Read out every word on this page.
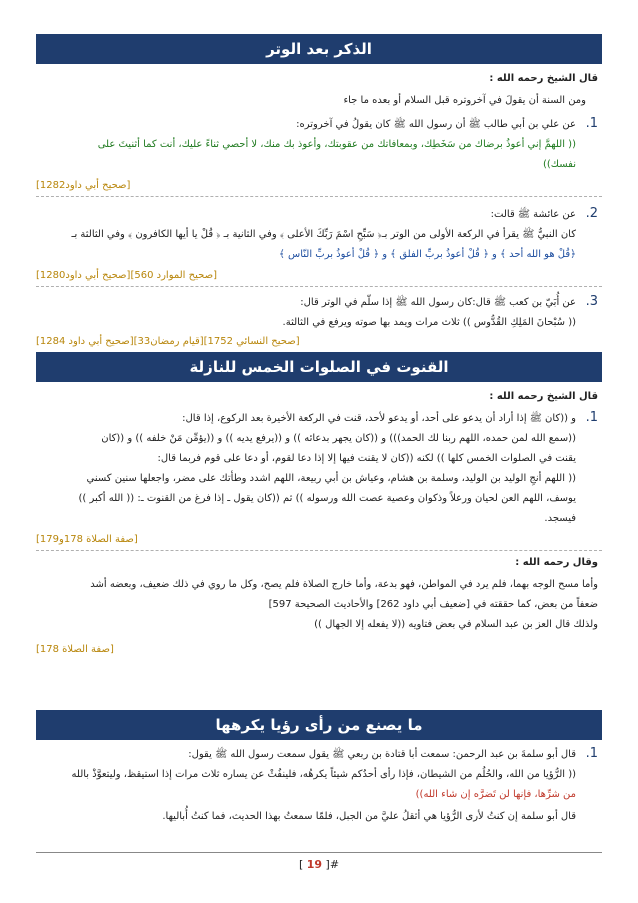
الذكر بعد الوتر
قال الشيخ رحمه الله :
ومن السنة أن يقولَ في آخروتره قبل السلام أو بعده ما جاء
1.
عن علي بن أبي طالب ﷺ أن رسول الله ﷺ كان يقولُ في آخروتره:
(( اللهمَّ إني أعوذُ برضاك من سَخَطِك، وبمعافاتك من عقوبتك، وأعوذ بك منك، لا أحصي ثناءً عليك، أنت كما أثنيتَ على
نفسك))
[صحيح أبي داود1282]
2.
عن عائشة ﷺ قالت:
كان النبيُّ ﷺ يقرأ في الركعة الأولى من الوتر بـ﴿ سَبِّحِ اسْمَ رَبِّكَ الأعلى ﴾ وفي الثانية بـ ﴿ قُلْ يا أيها الكافرون ﴾ وفي الثالثة بـ
﴿قُلْ هو الله أحد ﴾ و ﴿ قُلْ أعوذُ بربِّ الفلق ﴾ و ﴿ قُلْ أعوذُ بربِّ النّاس ﴾
[صحيح الموارد 560][صحيح أبي داود1280]
3.
عن أُبَيّ بن كعب ﷺ قال:كان رسول الله ﷺ إذا سلّم في الوتر قال:
(( سُبْحانَ المَلِكِ القُدُّوس )) ثلاث مرات ويمد بها صوته ويرفع في الثالثة.
[صحيح النسائي 1752][قيام رمضان33][صحيح أبي داود 1284]
القنوت في الصلوات الخمس للنازلة
قال الشيخ رحمه الله :
1.
و ((كان ﷺ إذا أراد أن يدعو على أحد، أو يدعو لأحد، قنت في الركعة الأخيرة بعد الركوع، إذا قال:
((سمع الله لمن حمده، اللهم ربنا لك الحمد))) و ((كان يجهر بدعائه )) و ((يرفع يديه )) و ((يؤمِّن مَنْ خلفه )) و ((كان
يقنت في الصلوات الخمس كلها )) لكنه ((كان لا يقنت فيها إلا إذا دعا لقوم، أو دعا على قوم فربما قال:
(( اللهم أنجِ الوليد بن الوليد، وسلمة بن هشام، وعياش بن أبي ربيعة، اللهم اشدد وطأتك على مضر، واجعلها سنين كسني
يوسف، اللهم العن لحيان ورعلاً وذكوان وعصية عصت الله ورسوله )) ثم ((كان يقول ـ إذا فرغ من القنوت ـ: (( الله أكبر ))
فيسجد.
[صفة الصلاة 178و179]
وقال رحمه الله :
وأما مسح الوجه بهما، فلم يرد في المواطن، فهو بدعة، وأما خارج الصلاة فلم يصح، وكل ما روي في ذلك ضعيف، وبعضه أشد
ضعفاً من بعض، كما حققته في [ضعيف أبي داود 262] والأحاديث الصحيحة 597]
ولذلك قال العز بن عبد السلام في بعض فتاويه ((لا يفعله إلا الجهال ))
[صفة الصلاة 178]
ما يصنع من رأى رؤيا يكرهها
1.
قال أبو سلمةَ بن عبد الرحمن: سمعت أبا قتادة بن ربعي ﷺ يقول سمعت رسول الله ﷺ يقول:
(( الرُّؤيا من الله، والحُلُم من الشيطان، فإذا رأى أحدُكم شيئاً يكرهُه، فلينفُثْ عن يساره ثلاث مرات إذا استيقظ، وليتعوَّذْ بالله
من شرِّها، فإنها لن تَضرَّه إن شاء الله))
قال أبو سلمة إن كنتُ لأرى الرُّؤيا هي أثقلُ عليَّ من الجبل، فلمّا سمعتُ بهذا الحديث، فما كنتُ أُباليها.
[ 19 ]#
